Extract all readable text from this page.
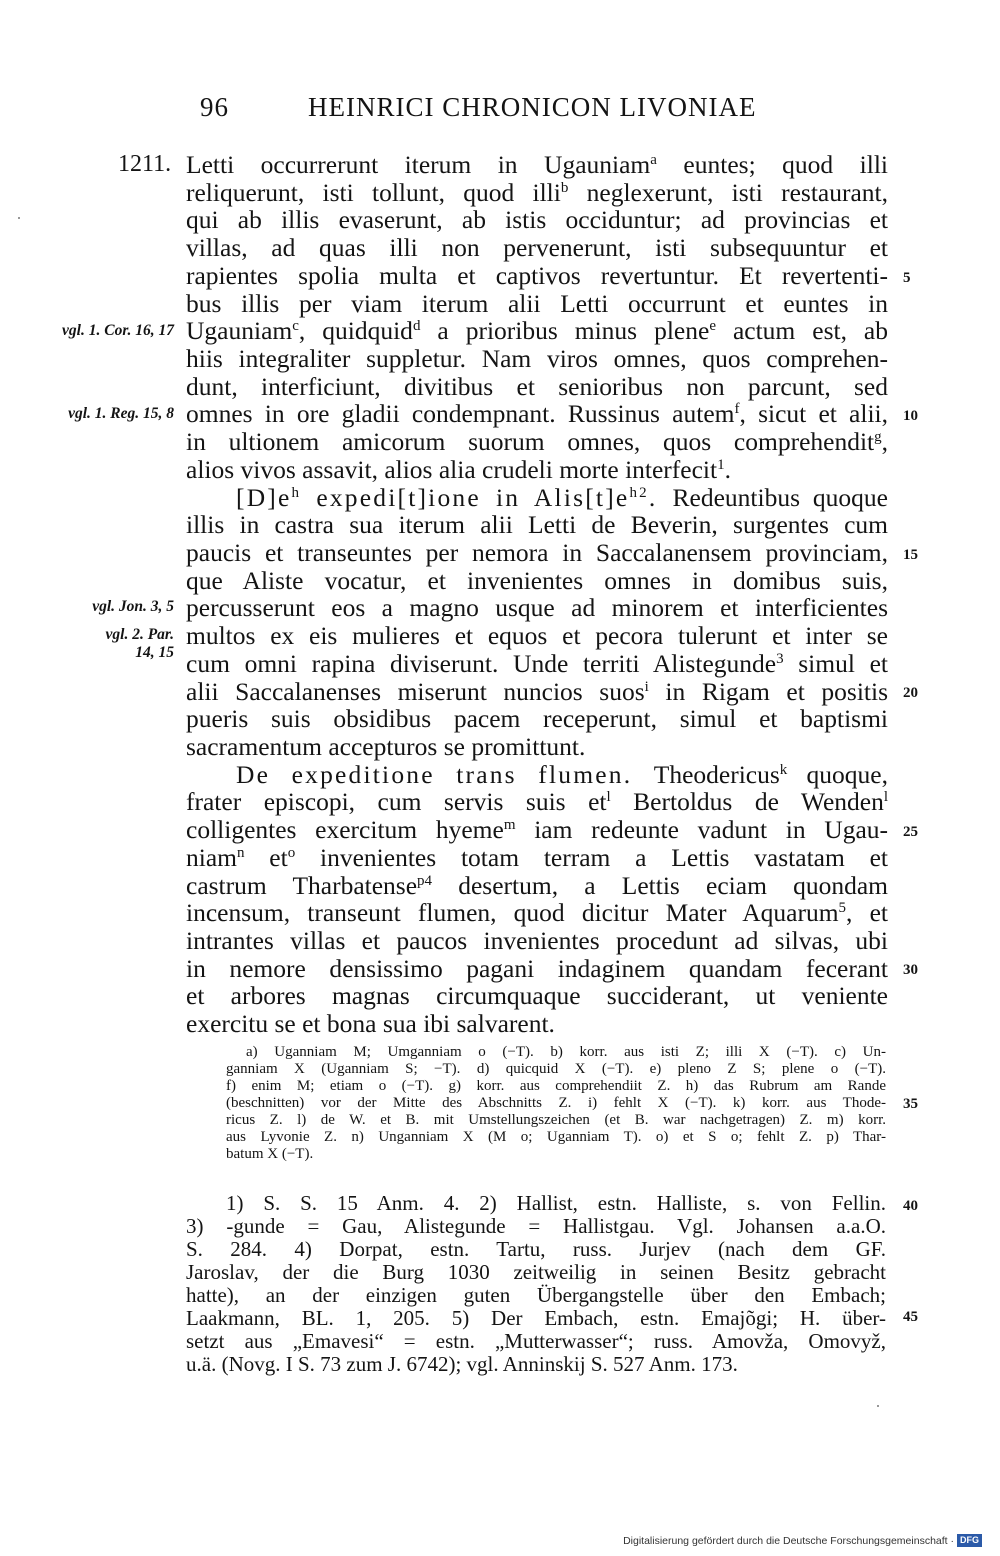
96	HEINRICI CHRONICON LIVONIAE
1211.
vgl. 1. Cor. 16, 17
vgl. 1. Reg. 15, 8
vgl. Jon. 3, 5
vgl. 2. Par.
14, 15
Letti occurrerunt iterum in Ugauniam$^a$ euntes; quod illi
reliquerunt, isti tollunt, quod illi$^b$ neglexerunt, isti restaurant,
qui ab illis evaserunt, ab istis occiduntur; ad provincias et
villas, ad quas illi non pervenerunt, isti subsequuntur et
rapientes spolia multa et captivos revertuntur. Et revertenti-
bus illis per viam iterum alii Letti occurrunt et euntes in
Ugauniam$^c$, quidquid$^d$ a prioribus minus plene$^e$ actum est, ab
hiis integraliter suppletur. Nam viros omnes, quos comprehen-
dunt, interficiunt, divitibus et senioribus non parcunt, sed
omnes in ore gladii condempnant. Russinus autem$^f$, sicut et alii,
in ultionem amicorum suorum omnes, quos comprehendit$^g$,
alios vivos assavit, alios alia crudeli morte interfecit$^1$.
$[D]e^h$ expedi[t]ione in $Alis[t]e^{h2}$. Redeuntibus quoque
illis in castra sua iterum alii Letti de Beverin, surgentes cum
paucis et transeuntes per nemora in Saccalanensem provinciam,
que Aliste vocatur, et invenientes omnes in domibus suis,
percusserunt eos a magno usque ad minorem et interficientes
multos ex eis mulieres et equos et pecora tulerunt et inter se
cum omni rapina diviserunt. Unde territi Alistegunde$^3$ simul et
alii Saccalanenses miserunt nuncios suos$^i$ in Rigam et positis
pueris suis obsidibus pacem receperunt, simul et baptismi
sacramentum accepturos se promittunt.
De expeditione trans flumen. Theodericus$^k$ quoque,
frater episcopi, cum servis suis $et^l$ Bertoldus de Wenden$^l$
colligentes exercitum hyeme$^m$ iam redeunte vadunt in Ugau-
niam$^n$ $et^o$ invenientes totam terram a Lettis vastatam et
castrum Tharbatense$^{p4}$ desertum, a Lettis eciam quondam
incensum, transeunt flumen, quod dicitur Mater Aquarum$^5$, et
intrantes villas et paucos invenientes procedunt ad silvas, ubi
in nemore densissimo pagani indaginem quandam fecerant
et arbores magnas circumquaque succiderant, ut veniente
exercitu se et bona sua ibi salvarent.
5
10
15
20
25
30
35
40
45
a) Uganniam M; Umganniam o (−T). b) korr. aus isti Z; illi X (−T). c) Un-
ganniam X (Uganniam S; −T). d) quicquid X (−T). e) pleno Z S; plene o (−T).
f) enim M; etiam o (−T). g) korr. aus comprehendiit Z. h) das Rubrum am Rande
(beschnitten) vor der Mitte des Abschnitts Z. i) fehlt X (−T). k) korr. aus Thode-
ricus Z. l) de W. et B. mit Umstellungszeichen (et B. war nachgetragen) Z. m) korr.
aus Lyvonie Z. n) Unganniam X (M o; Uganniam T). o) et S o; fehlt Z. p) Thar-
batum X (−T).
1) S. S. 15 Anm. 4. 2) Hallist, estn. Halliste, s. von Fellin.
3) -gunde = Gau, Alistegunde = Hallistgau. Vgl. Johansen a.a.O.
S. 284. 4) Dorpat, estn. Tartu, russ. Jurjev (nach dem GF.
Jaroslav, der die Burg 1030 zeitweilig in seinen Besitz gebracht
hatte), an der einzigen guten Übergangstelle über den Embach;
Laakmann, BL. 1, 205. 5) Der Embach, estn. Emajõgi; H. über-
setzt aus „Emavesi“ = estn. „Mutterwasser“; russ. Amovža, Omovyž,
u.ä. (Novg. I S. 73 zum J. 6742); vgl. Anninskij S. 527 Anm. 173.
Digitalisierung gefördert durch die Deutsche Forschungsgemeinschaft · DFG
